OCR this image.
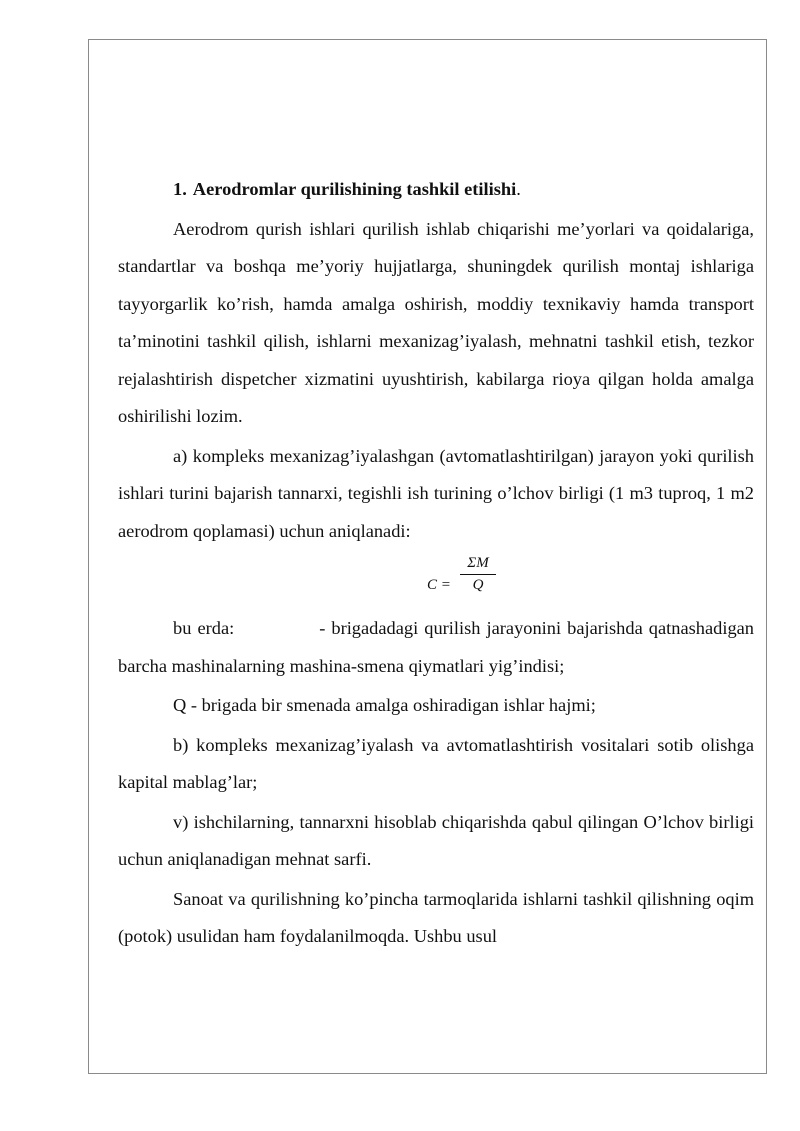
1. Aerodromlar qurilishining tashkil etilishi.

Aerodrom qurish ishlari qurilish ishlab chiqarishi me’yorlari va qoidalariga, standartlar va boshqa me’yoriy hujjatlarga, shuningdek qurilish montaj ishlariga tayyorgarlik ko’rish, hamda amalga oshirish, moddiy texnikaviy hamda transport ta’minotini tashkil qilish, ishlarni mexanizag’iyalash, mehnatni tashkil etish, tezkor rejalashtirish dispetcher xizmatini uyushtirish, kabilarga rioya qilgan holda amalga oshirilishi lozim.

a) kompleks mexanizag’iyalashgan (avtomatlashtirilgan) jarayon yoki qurilish ishlari turini bajarish tannarxi, tegishli ish turining o’lchov birligi (1 m3 tuproq, 1 m2 aerodrom qoplamasi) uchun aniqlanadi:

C =
ΣM
Q

bu erda:              - brigadadagi qurilish jarayonini bajarishda qatnashadigan barcha mashinalarning mashina-smena qiymatlari yig’indisi;

Q - brigada bir smenada amalga oshiradigan ishlar hajmi;

b) kompleks mexanizag’iyalash va avtomatlashtirish vositalari sotib olishga kapital mablag’lar;

v) ishchilarning, tannarxni hisoblab chiqarishda qabul qilingan O’lchov birligi uchun aniqlanadigan mehnat sarfi.

Sanoat va qurilishning ko’pincha tarmoqlarida ishlarni tashkil qilishning oqim (potok) usulidan ham foydalanilmoqda. Ushbu usul
